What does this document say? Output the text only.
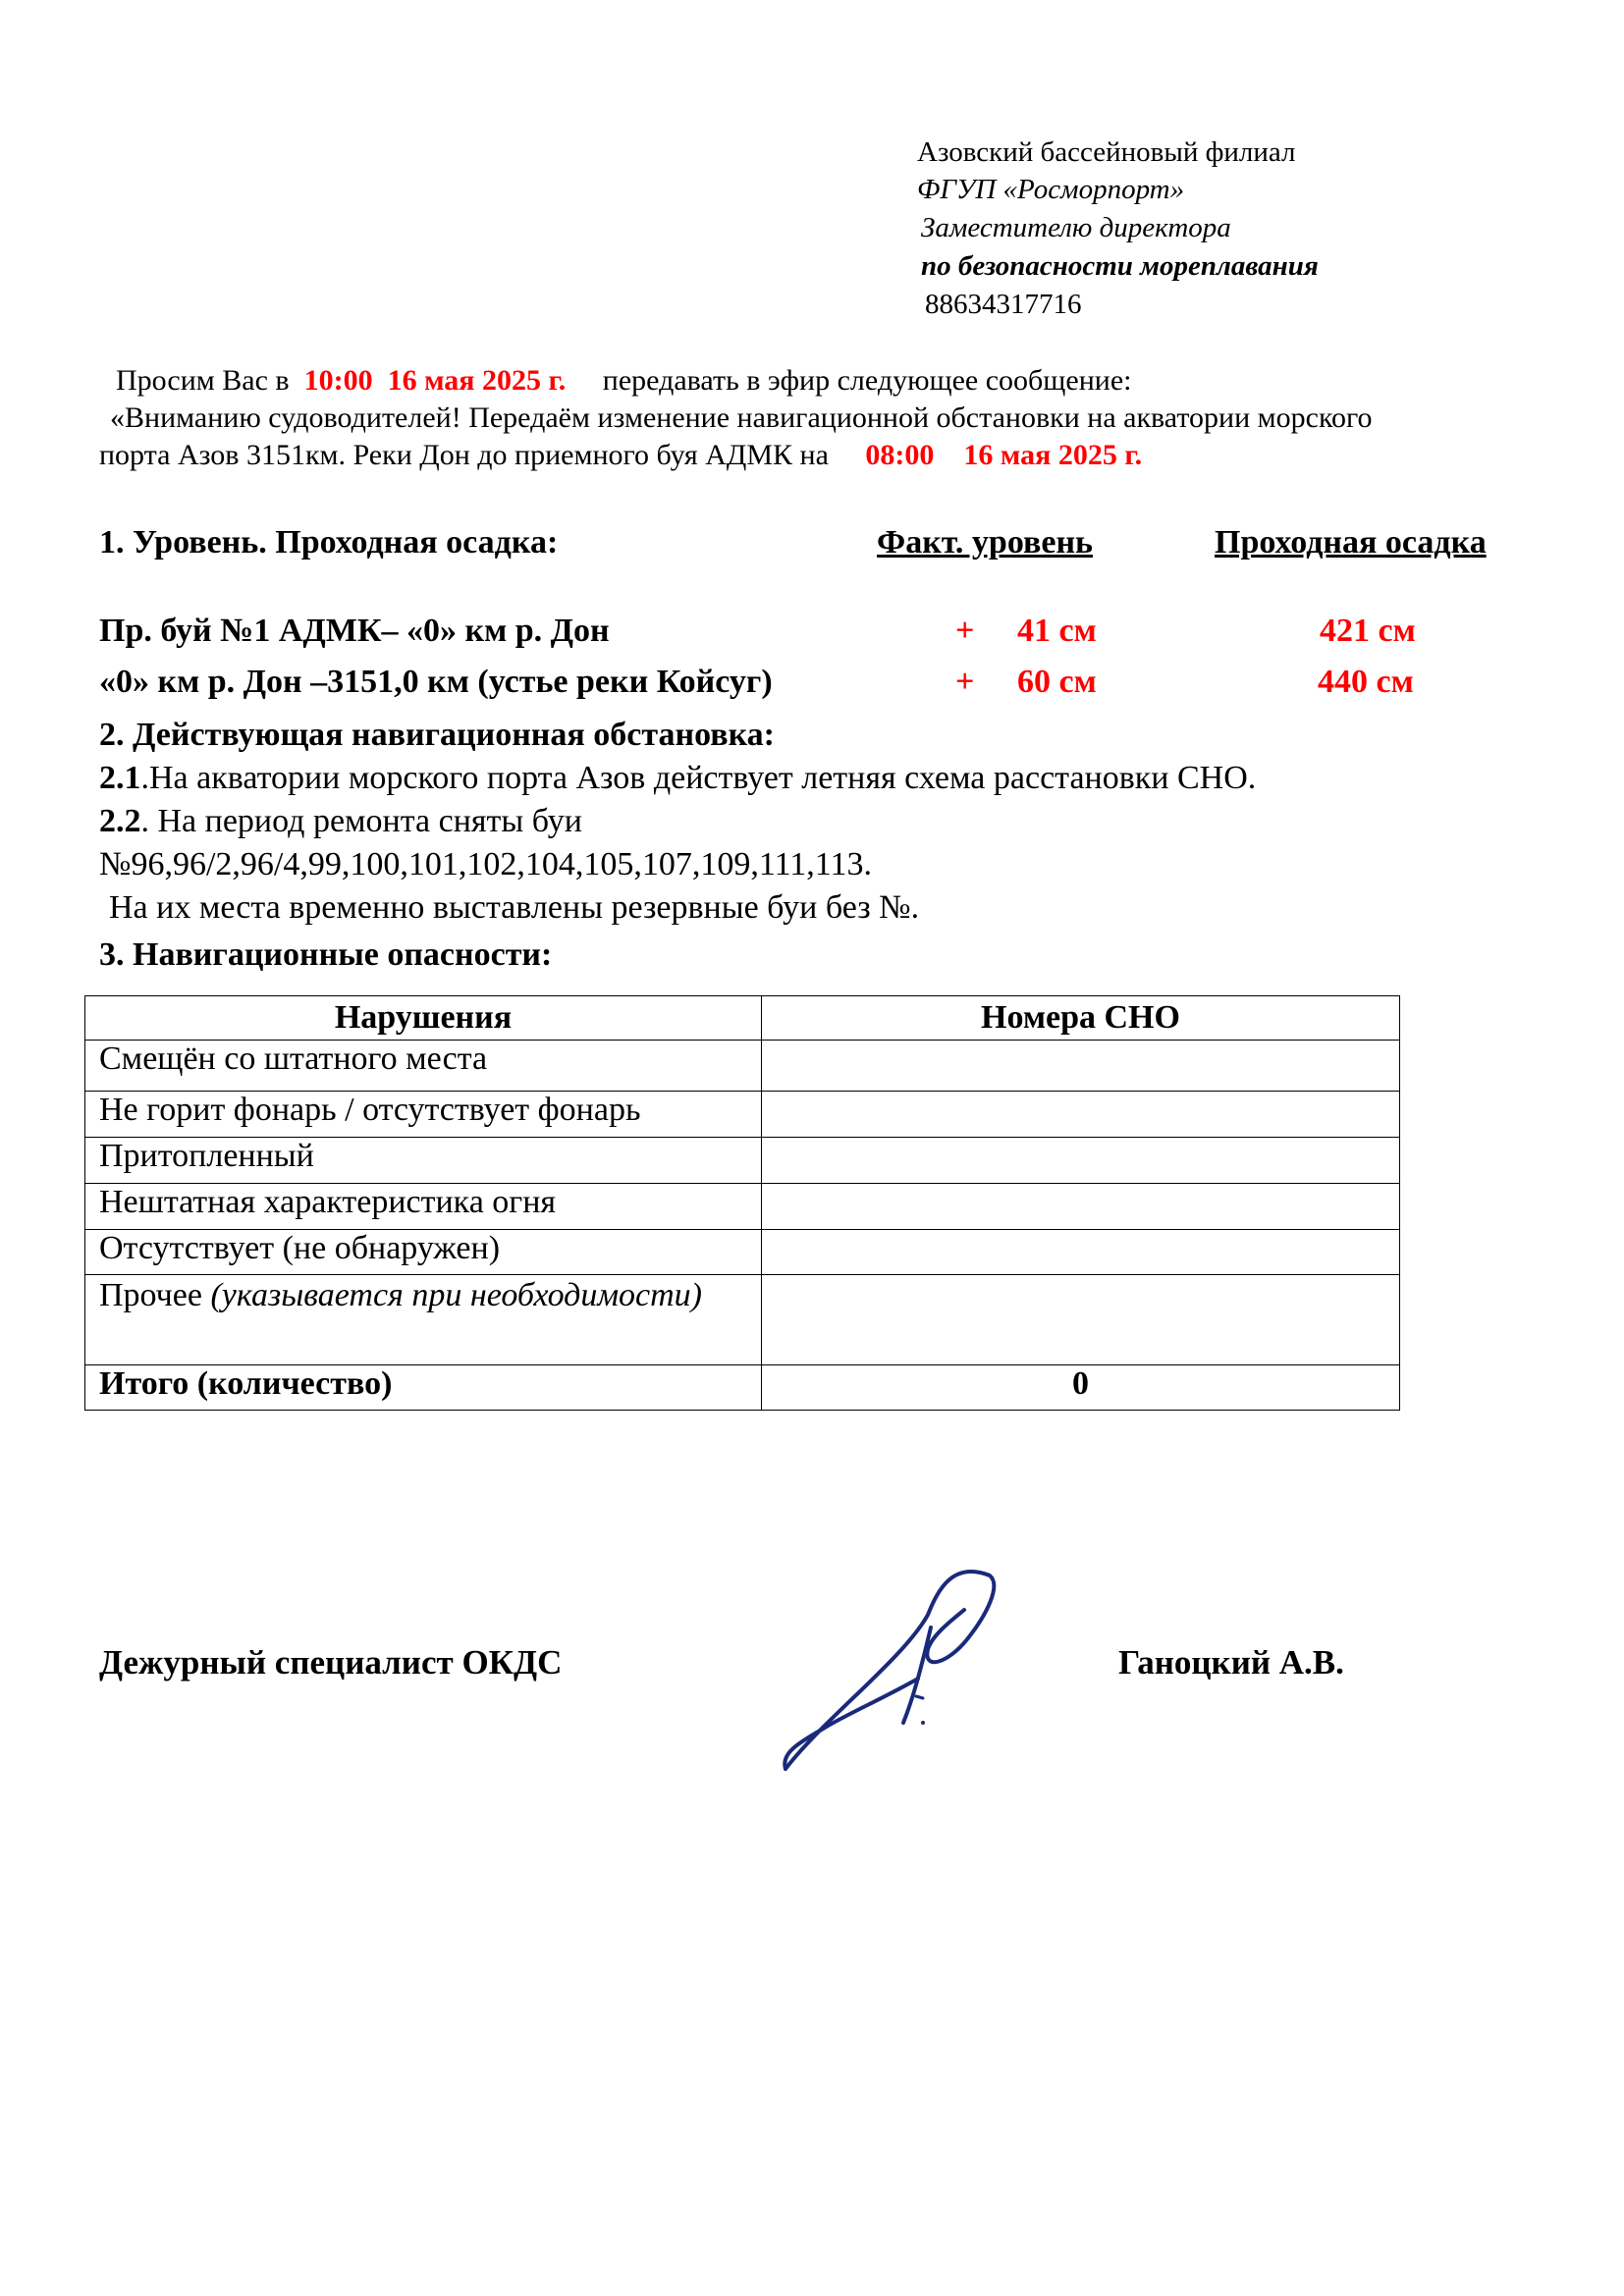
Азовский бассейновый филиал
ФГУП «Росморпорт»
Заместителю директора
по безопасности мореплавания
88634317716
Просим Вас в 10:00 16 мая 2025 г. передавать в эфир следующее сообщение:
«Вниманию судоводителей! Передаём изменение навигационной обстановки на акватории морского
порта Азов 3151км. Реки Дон до приемного буя АДМК на 08:00 16 мая 2025 г.
1. Уровень. Проходная осадка:	Факт. уровень	Проходная осадка
Пр. буй №1 АДМК– «0» км р. Дон	+ 41 см	421 см
«0» км р. Дон –3151,0 км (устье реки Койсуг)	+ 60 см	440 см
2. Действующая навигационная обстановка:
2.1.На акватории морского порта Азов действует летняя схема расстановки СНО.
2.2. На период ремонта сняты буи
№96,96/2,96/4,99,100,101,102,104,105,107,109,111,113.
На их места временно выставлены резервные буи без №.
3. Навигационные опасности:
Нарушения	Номера СНО
Смещён со штатного места	
Не горит фонарь / отсутствует фонарь	
Притопленный	
Нештатная характеристика огня	
Отсутствует (не обнаружен)	
Прочее (указывается при необходимости)	
Итого (количество)	0
Дежурный специалист ОКДС	Ганоцкий А.В.
